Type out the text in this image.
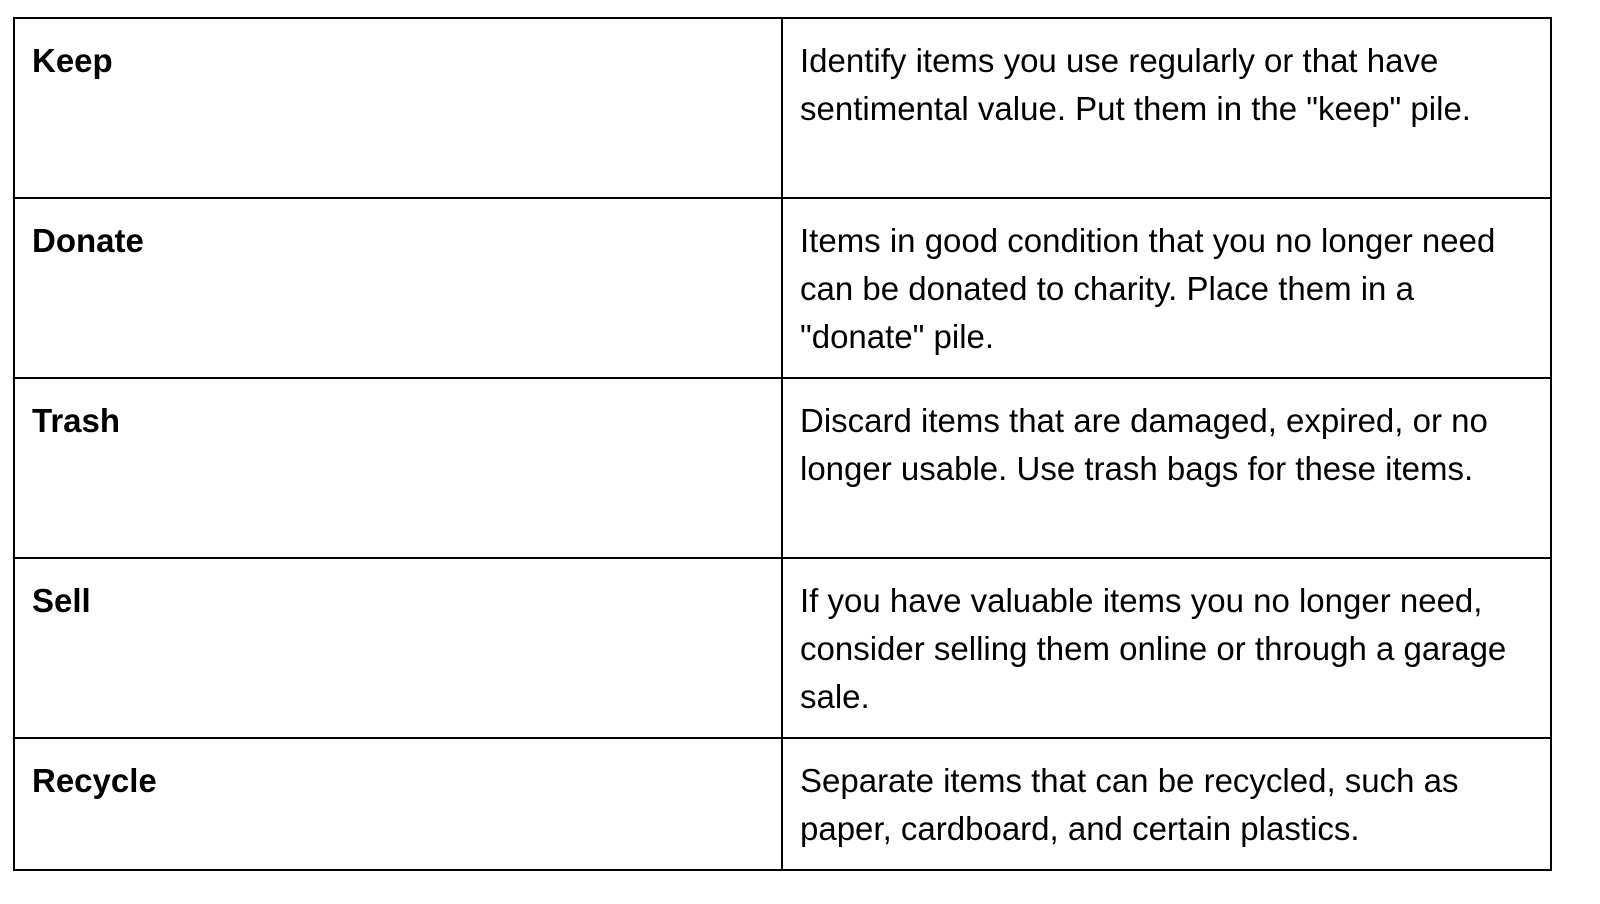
Keep	Identify items you use regularly or that have sentimental value. Put them in the "keep" pile.
Donate	Items in good condition that you no longer need can be donated to charity. Place them in a "donate" pile.
Trash	Discard items that are damaged, expired, or no longer usable. Use trash bags for these items.
Sell	If you have valuable items you no longer need, consider selling them online or through a garage sale.
Recycle	Separate items that can be recycled, such as paper, cardboard, and certain plastics.
